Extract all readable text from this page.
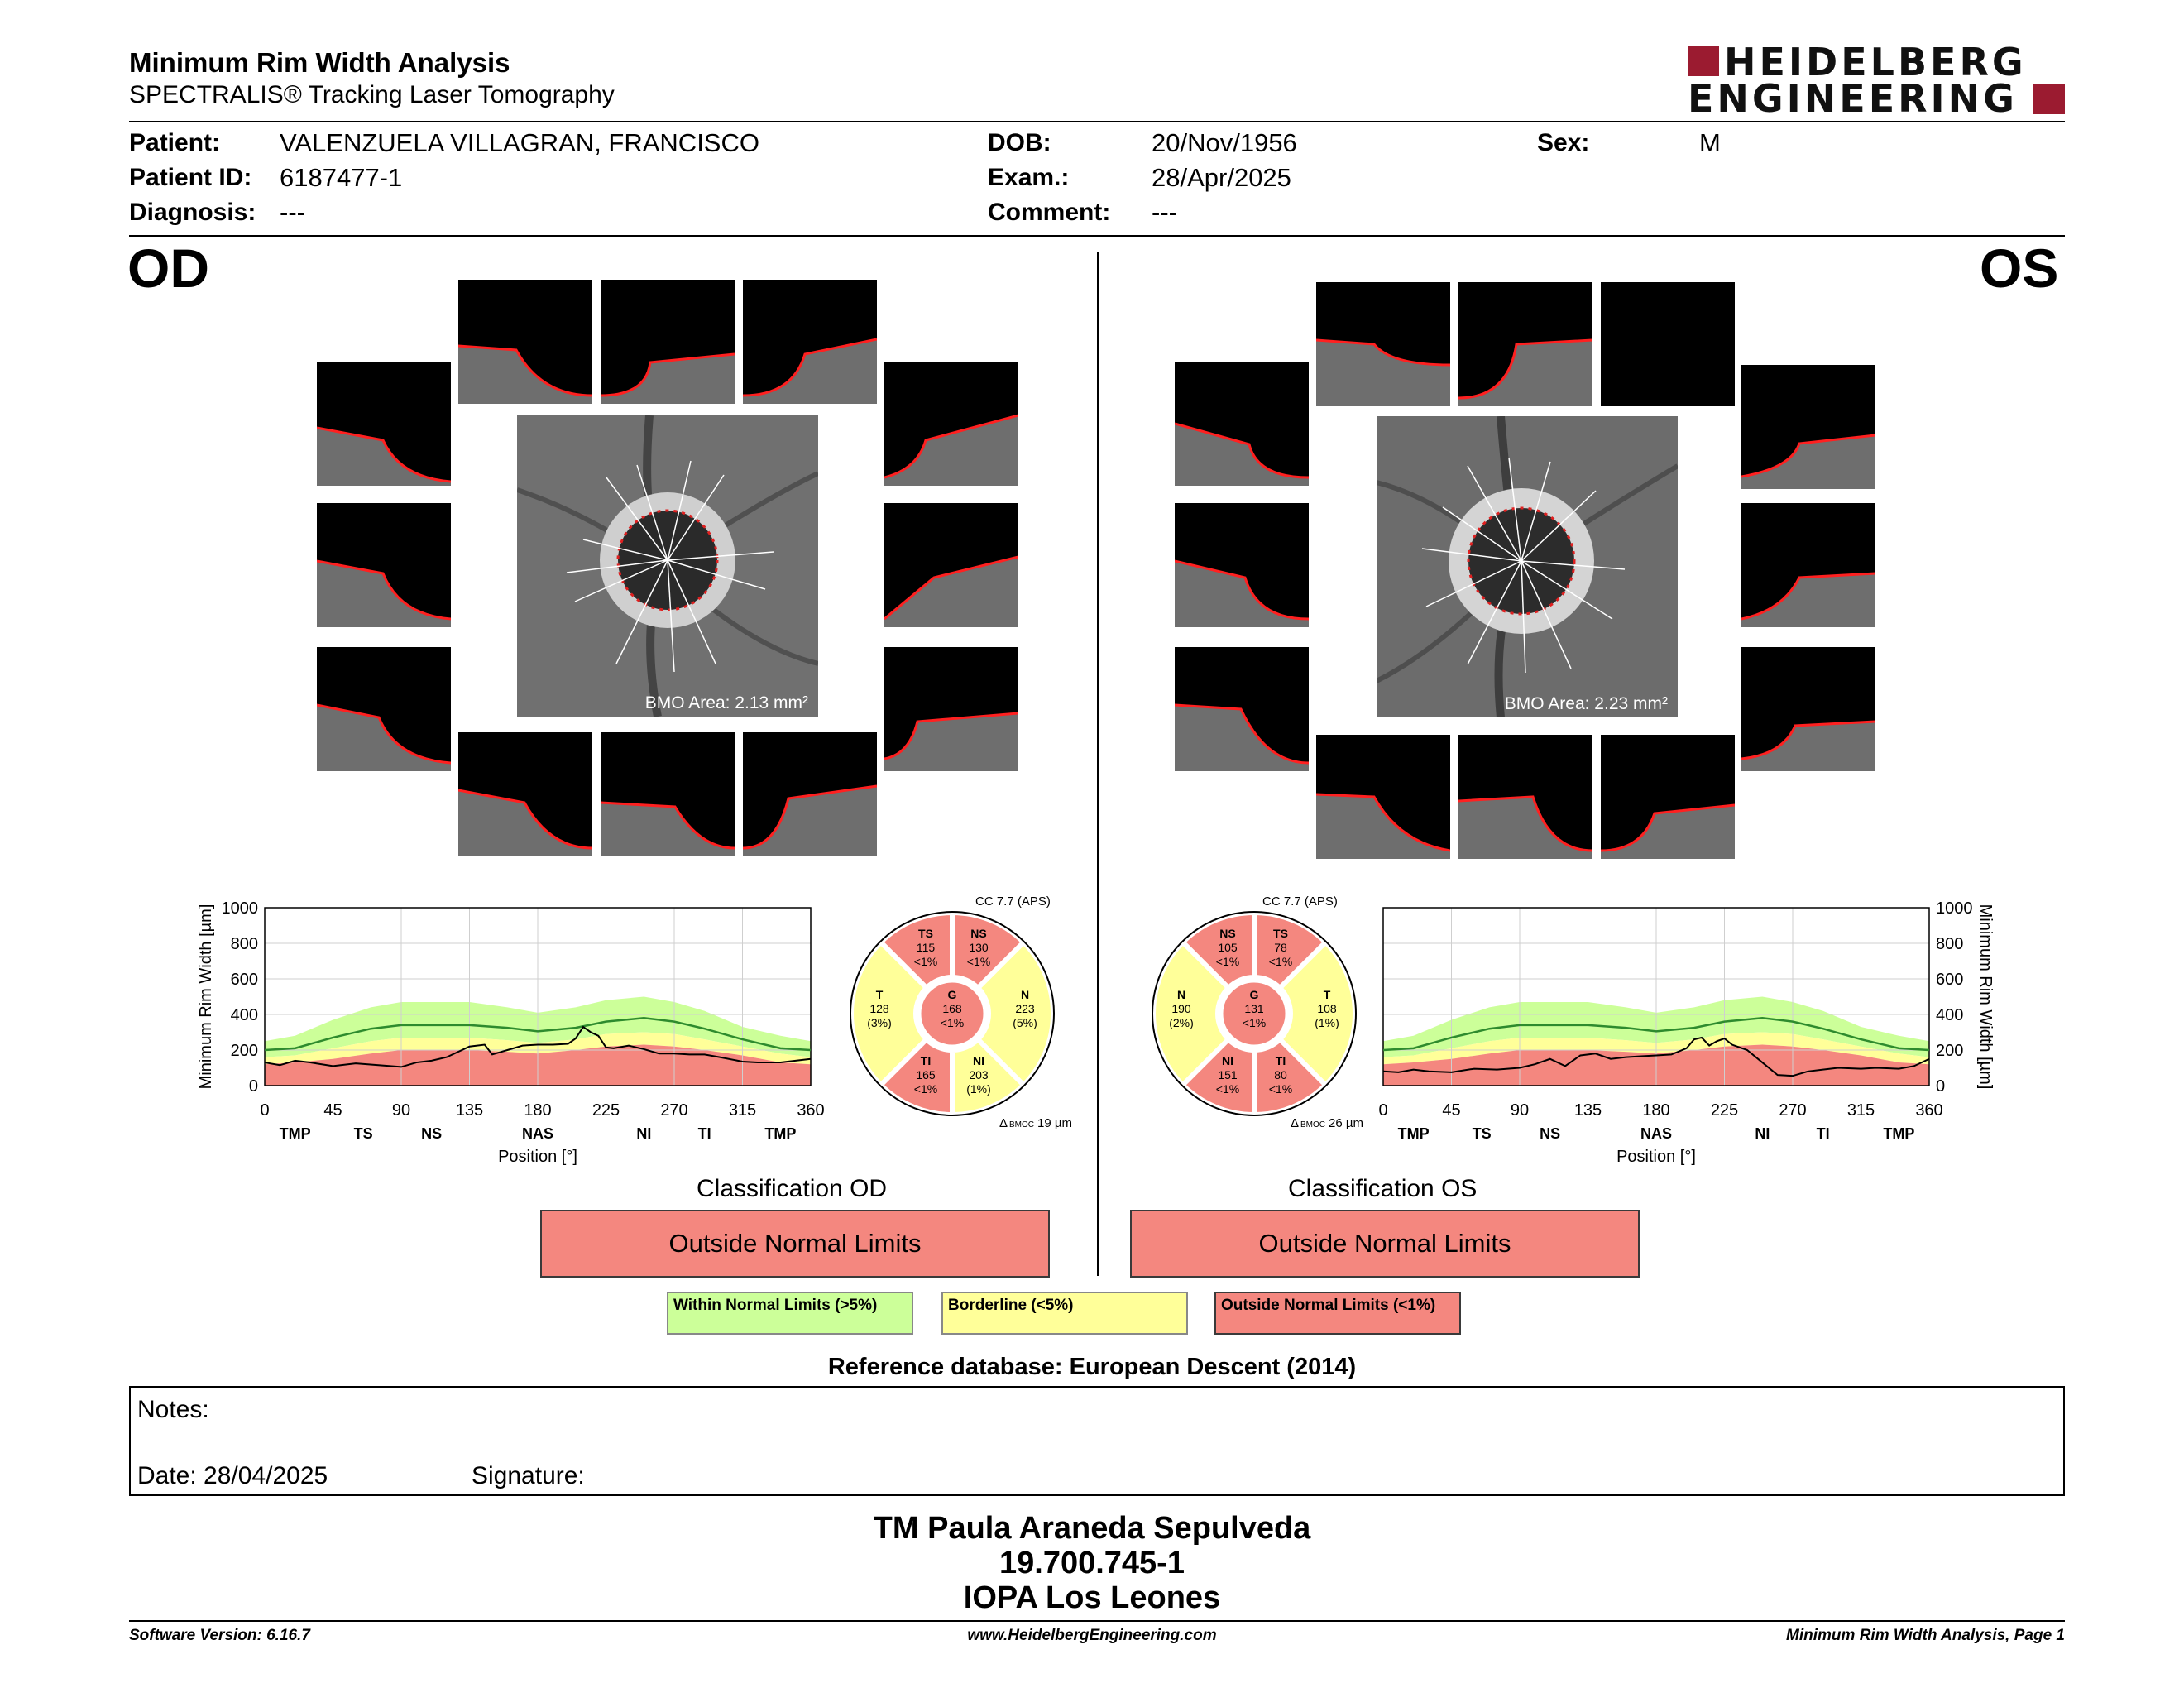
Minimum Rim Width Analysis
SPECTRALIS® Tracking Laser Tomography
HEIDELBERG
ENGINEERING
Patient: VALENZUELA VILLAGRAN, FRANCISCO
Patient ID: 6187477-1
Diagnosis: ---
DOB:	20/Nov/1956
Exam.:	28/Apr/2025
Comment: ---
Sex:	M
OD	OS
BMO Area: 2.13 mm²	BMO Area: 2.23 mm²
0
200
400
600
800
1000
0	45	90	135 180 225 270 315 360
TMP	TS	NS	NAS	NI	TI	TMP
Position [°]
Minimum Rim Width [µm]	0
200
400
600
800
1000
0	45	90	135 180 225 270 315 360
TMP	TS	NS	NAS	NI	TI	TMP
Position [°]
Minimum Rim Width [µm]
T
128
(3%)
N
223
(5%)
TS
115
<1%
NS
130
<1%
TI
165
<1%
NI
203
(1%)
G
168
<1%
CC 7.7 (APS)
Δ BMOC 19 µm
N
190
(2%)
T
108
(1%)
NS
105
<1%
TS
78
<1%
NI
151
<1%
TI
80
<1%
G
131
<1%
CC 7.7 (APS)
Δ BMOC 26 µm
Classification OD
Outside Normal Limits
Classification OS
Outside Normal Limits
Within Normal Limits (>5%)	Borderline (<5%)	Outside Normal Limits (<1%)
Reference database: European Descent (2014)
Notes:
Date: 28/04/2025	Signature:
TM Paula Araneda Sepulveda
19.700.745-1
IOPA Los Leones
Software Version: 6.16.7	www.HeidelbergEngineering.com	Minimum Rim Width Analysis, Page 1
